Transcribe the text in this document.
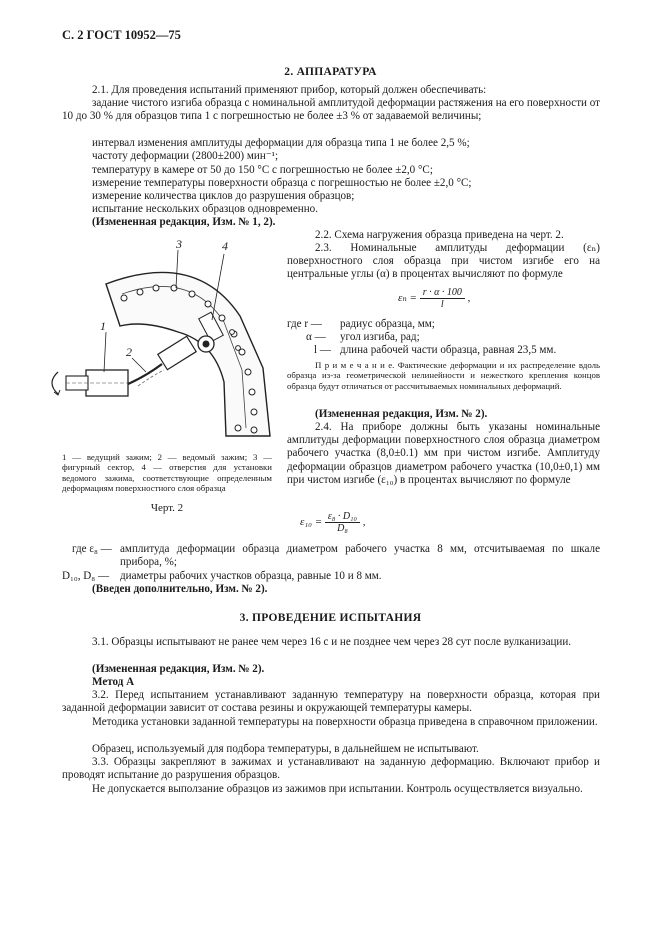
С. 2 ГОСТ 10952—75
2. АППАРАТУРА

2.1. Для проведения испытаний применяют прибор, который должен обеспечивать:

задание чистого изгиба образца с номинальной амплитудой деформации растяжения на его поверхности от 10 до 30 % для образцов типа 1 с погрешностью не более ±3 % от задаваемой величины;

интервал изменения амплитуды деформации для образца типа 1 не более 2,5 %;

частоту деформации (2800±200) мин⁻¹;

температуру в камере от 50 до 150 °С с погрешностью не более ±2,0 °С;

измерение температуры поверхности образца с погрешностью не более ±2,0 °С;

измерение количества циклов до разрушения образцов;

испытание нескольких образцов одновременно.

(Измененная редакция, Изм. № 1, 2).

1
2
3	4
1 — ведущий зажим; 2 — ведомый зажим; 3 — фигурный сектор, 4 — отверстия для установки ведомого зажима, соответствующие определенным деформациям поверхностного слоя образца
Черт. 2

2.2. Схема нагружения образца приведена на черт. 2.

2.3. Номинальные амплитуды деформации (εₙ) поверхностного слоя образца при чистом изгибе его на центральные углы (α) в процентах вычисляют по формуле

$\varepsilon_n = \frac{r \cdot \alpha \cdot 100}{l}$ ,
где r — радиус образца, мм;
α — угол изгиба, рад;
l — длина рабочей части образца, равная 23,5 мм.

П р и м е ч а н и е. Фактические деформации и их распределение вдоль образца из-за геометрической нелинейности и нежесткого крепления концов образца будут отличаться от рассчитываемых номинальных деформаций.

(Измененная редакция, Изм. № 2).

2.4. На приборе должны быть указаны номинальные амплитуды деформации поверхностного слоя образца диаметром рабочего участка (8,0±0.1) мм при чистом изгибе. Амплитуду деформации образцов диаметром рабочего участка (10,0±0,1) мм при чистом изгибе (ε₁₀) в процентах вычисляют по формуле

$\varepsilon_{10} = \frac{\text{ε₈ · D₁₀}}{\text{D₈}}$ ,
где ε₈ — амплитуда деформации образца диаметром рабочего участка 8 мм, отсчитываемая по шкале прибора, %;
D₁₀, D₈ — диаметры рабочих участков образца, равные 10 и 8 мм.

(Введен дополнительно, Изм. № 2).

3. ПРОВЕДЕНИЕ ИСПЫТАНИЯ

3.1. Образцы испытывают не ранее чем через 16 с и не позднее чем через 28 сут после вулканизации.

(Измененная редакция, Изм. № 2).

Метод А

3.2. Перед испытанием устанавливают заданную температуру на поверхности образца, которая при заданной деформации зависит от состава резины и окружающей температуры камеры.

Методика установки заданной температуры на поверхности образца приведена в справочном приложении.

Образец, используемый для подбора температуры, в дальнейшем не испытывают.

3.3. Образцы закрепляют в зажимах и устанавливают на заданную деформацию. Включают прибор и проводят испытание до разрушения образцов.

Не допускается выползание образцов из зажимов при испытании. Контроль осуществляется визуально.
